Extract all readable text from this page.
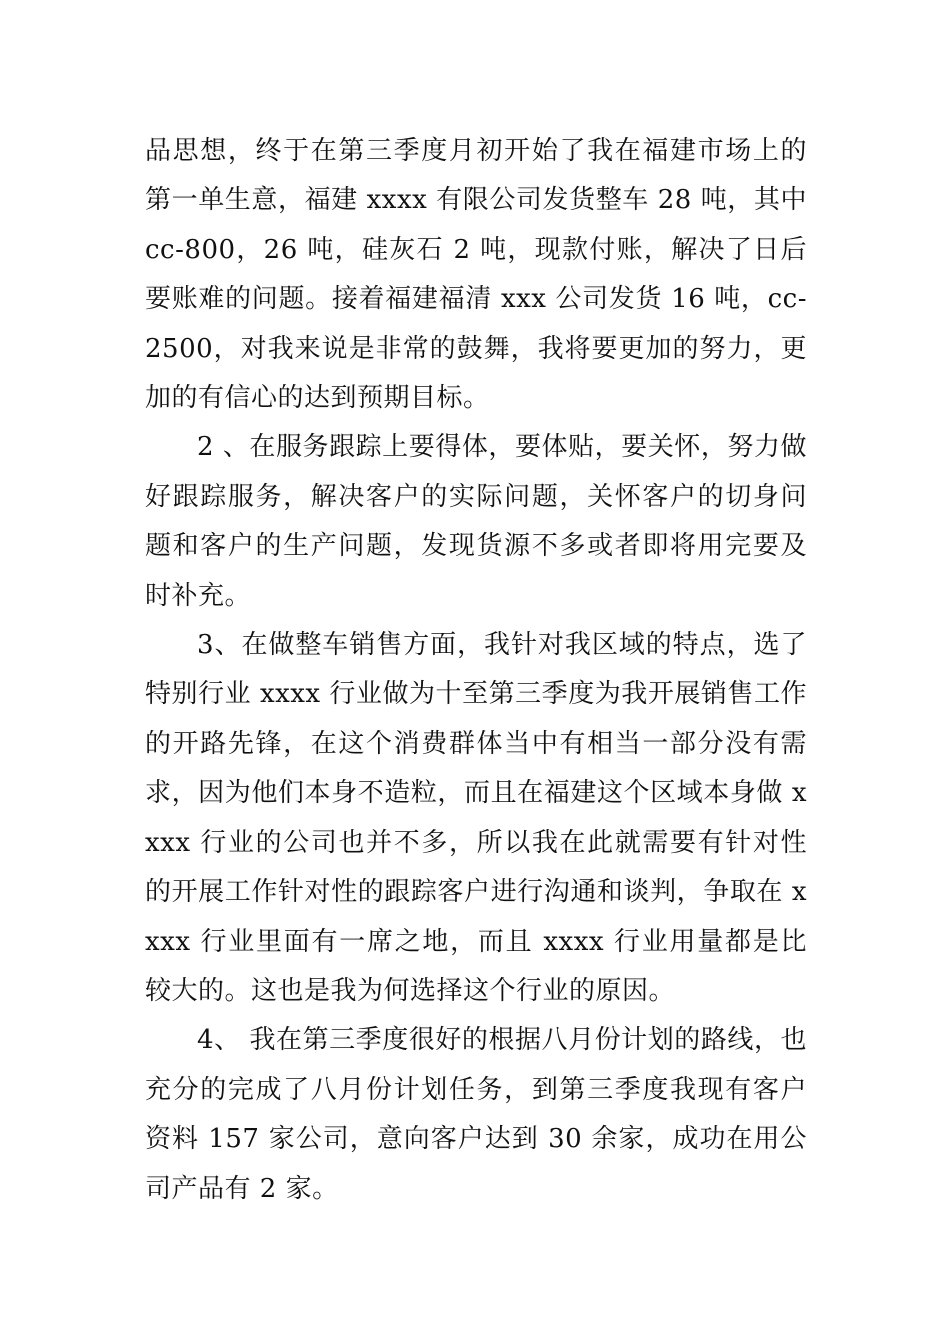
品思想，终于在第三季度月初开始了我在福建市场上的第一单生意，福建 xxxx 有限公司发货整车 28 吨，其中 cc-800，26 吨，硅灰石 2 吨，现款付账，解决了日后要账难的问题。接着福建福清 xxx 公司发货 16 吨，cc-2500，对我来说是非常的鼓舞，我将要更加的努力，更加的有信心的达到预期目标。

2 、在服务跟踪上要得体，要体贴，要关怀，努力做好跟踪服务，解决客户的实际问题，关怀客户的切身问题和客户的生产问题，发现货源不多或者即将用完要及时补充。

3、在做整车销售方面，我针对我区域的特点，选了特别行业 xxxx 行业做为十至第三季度为我开展销售工作的开路先锋，在这个消费群体当中有相当一部分没有需求，因为他们本身不造粒，而且在福建这个区域本身做 xxxx 行业的公司也并不多，所以我在此就需要有针对性的开展工作针对性的跟踪客户进行沟通和谈判，争取在 xxxx 行业里面有一席之地，而且 xxxx 行业用量都是比较大的。这也是我为何选择这个行业的原因。

4、 我在第三季度很好的根据八月份计划的路线，也充分的完成了八月份计划任务，到第三季度我现有客户资料 157 家公司，意向客户达到 30 余家，成功在用公司产品有 2 家。
